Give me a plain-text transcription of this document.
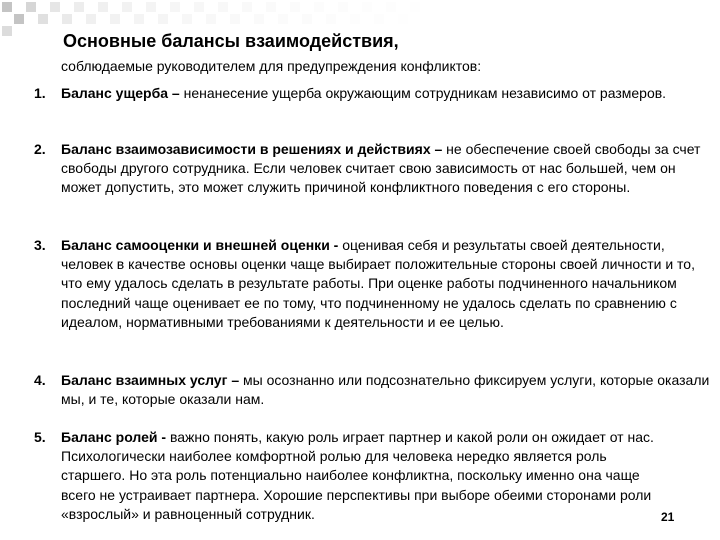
Основные балансы взаимодействия,
соблюдаемые руководителем для предупреждения конфликтов:
1. Баланс ущерба – ненанесение ущерба окружающим сотрудникам независимо от размеров.

2. Баланс взаимозависимости в решениях и действиях – не обеспечение своей свободы за счет свободы другого сотрудника. Если человек считает свою зависимость от нас большей, чем он может допустить, это может служить причиной конфликтного поведения с его стороны.

3. Баланс самооценки и внешней оценки - оценивая себя и результаты своей деятельности, человек в качестве основы оценки чаще выбирает положительные стороны своей личности и то, что ему удалось сделать в результате работы. При оценке работы подчиненного начальником последний чаще оценивает ее по тому, что подчиненному не удалось сделать по сравнению с идеалом, нормативными требованиями к деятельности и ее целью.

4. Баланс взаимных услуг – мы осознанно или подсознательно фиксируем услуги, которые оказали мы, и те, которые оказали нам.

5. Баланс ролей - важно понять, какую роль играет партнер и какой роли он ожидает от нас. Психологически наиболее комфортной ролью для человека нередко является роль старшего. Но эта роль потенциально наиболее конфликтна, поскольку именно она чаще всего не устраивает партнера. Хорошие перспективы при выборе обеими сторонами роли «взрослый» и равноценный сотрудник.	21
